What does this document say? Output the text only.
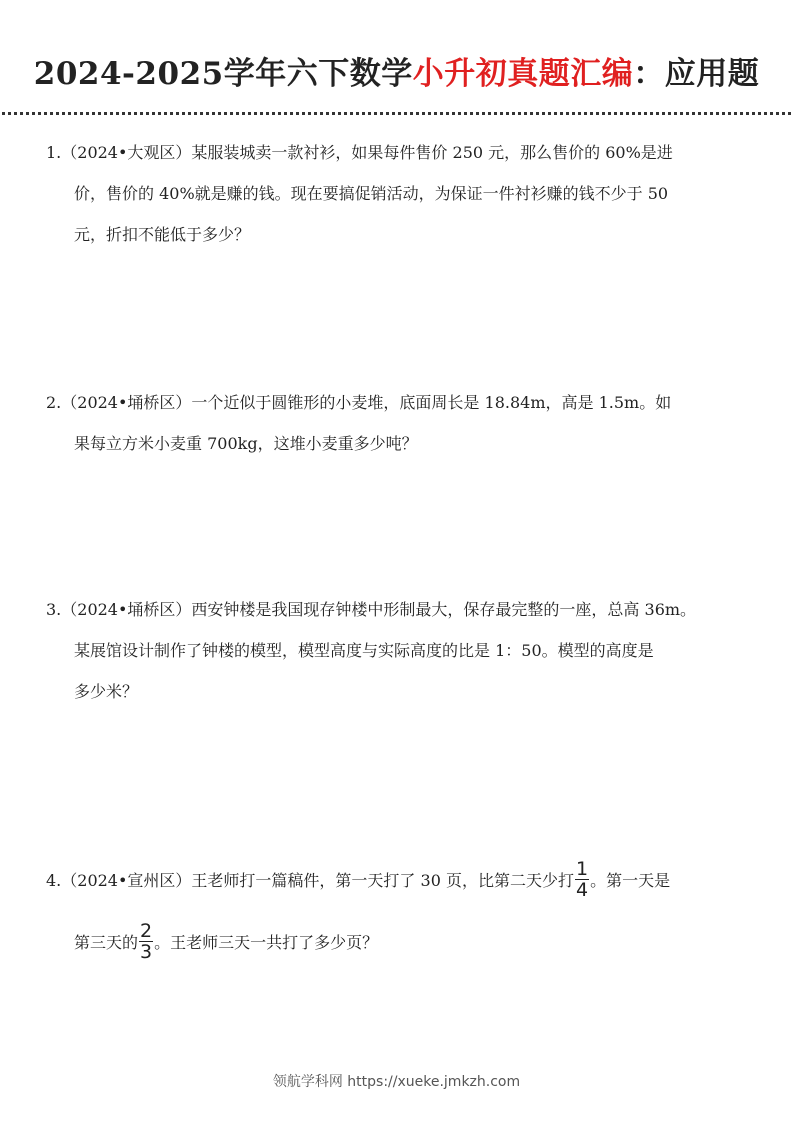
2024-2025学年六下数学小升初真题汇编：应用题
1.（2024•大观区）某服装城卖一款衬衫，如果每件售价 250 元，那么售价的 60%是进
价，售价的 40%就是赚的钱。现在要搞促销活动，为保证一件衬衫赚的钱不少于 50
元，折扣不能低于多少？
2.（2024•埇桥区）一个近似于圆锥形的小麦堆，底面周长是 18.84m，高是 1.5m。如
果每立方米小麦重 700kg，这堆小麦重多少吨？
3.（2024•埇桥区）西安钟楼是我国现存钟楼中形制最大，保存最完整的一座，总高 36m。
某展馆设计制作了钟楼的模型，模型高度与实际高度的比是 1：50。模型的高度是
多少米？
4.（2024•宣州区）王老师打一篇稿件，第一天打了 30 页，比第二天少打 $\frac{1}{4}$ 。第一天是
第三天的 $\frac{2}{3}$ 。王老师三天一共打了多少页？
领航学科网 https://xueke.jmkzh.com
